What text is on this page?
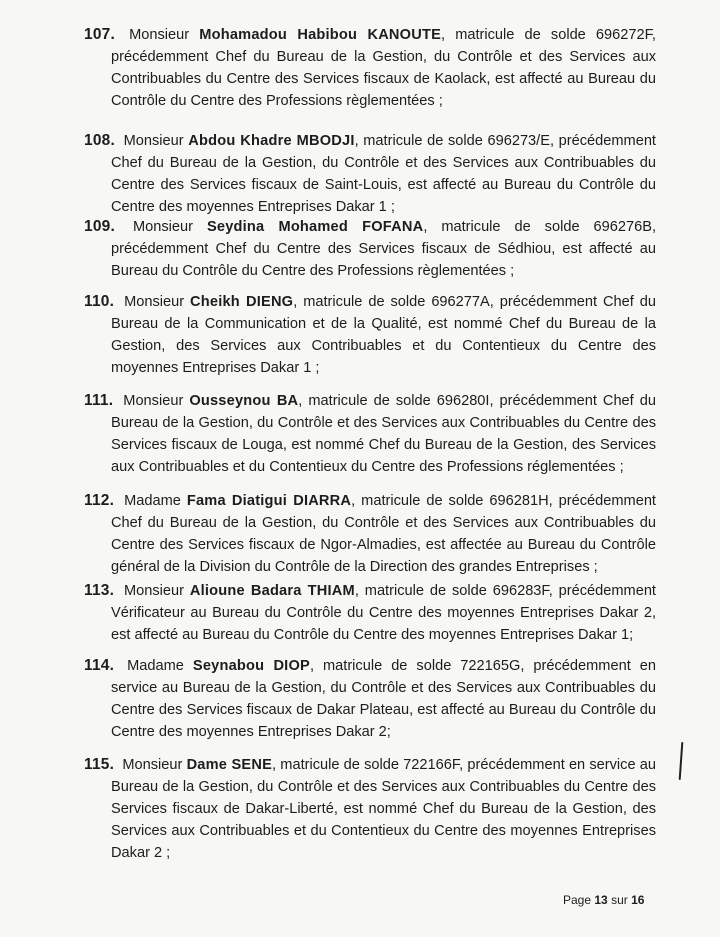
107. Monsieur Mohamadou Habibou KANOUTE, matricule de solde 696272F, précédemment Chef du Bureau de la Gestion, du Contrôle et des Services aux Contribuables du Centre des Services fiscaux de Kaolack, est affecté au Bureau du Contrôle du Centre des Professions règlementées ;

108. Monsieur Abdou Khadre MBODJI, matricule de solde 696273/E, précédemment Chef du Bureau de la Gestion, du Contrôle et des Services aux Contribuables du Centre des Services fiscaux de Saint-Louis, est affecté au Bureau du Contrôle du Centre des moyennes Entreprises Dakar 1 ;

109. Monsieur Seydina Mohamed FOFANA, matricule de solde 696276B, précédemment Chef du Centre des Services fiscaux de Sédhiou, est affecté au Bureau du Contrôle du Centre des Professions règlementées ;

110. Monsieur Cheikh DIENG, matricule de solde 696277A, précédemment Chef du Bureau de la Communication et de la Qualité, est nommé Chef du Bureau de la Gestion, des Services aux Contribuables et du Contentieux du Centre des moyennes Entreprises Dakar 1 ;

111. Monsieur Ousseynou BA, matricule de solde 696280I, précédemment Chef du Bureau de la Gestion, du Contrôle et des Services aux Contribuables du Centre des Services fiscaux de Louga, est nommé Chef du Bureau de la Gestion, des Services aux Contribuables et du Contentieux du Centre des Professions réglementées ;

112. Madame Fama Diatigui DIARRA, matricule de solde 696281H, précédemment Chef du Bureau de la Gestion, du Contrôle et des Services aux Contribuables du Centre des Services fiscaux de Ngor-Almadies, est affectée au Bureau du Contrôle général de la Division du Contrôle de la Direction des grandes Entreprises ;

113. Monsieur Alioune Badara THIAM, matricule de solde 696283F, précédemment Vérificateur au Bureau du Contrôle du Centre des moyennes Entreprises Dakar 2, est affecté au Bureau du Contrôle du Centre des moyennes Entreprises Dakar 1;

114. Madame Seynabou DIOP, matricule de solde 722165G, précédemment en service au Bureau de la Gestion, du Contrôle et des Services aux Contribuables du Centre des Services fiscaux de Dakar Plateau, est affecté au Bureau du Contrôle du Centre des moyennes Entreprises Dakar 2;

115. Monsieur Dame SENE, matricule de solde 722166F, précédemment en service au Bureau de la Gestion, du Contrôle et des Services aux Contribuables du Centre des Services fiscaux de Dakar-Liberté, est nommé Chef du Bureau de la Gestion, des Services aux Contribuables et du Contentieux du Centre des moyennes Entreprises Dakar 2 ;

Page 13 sur 16
